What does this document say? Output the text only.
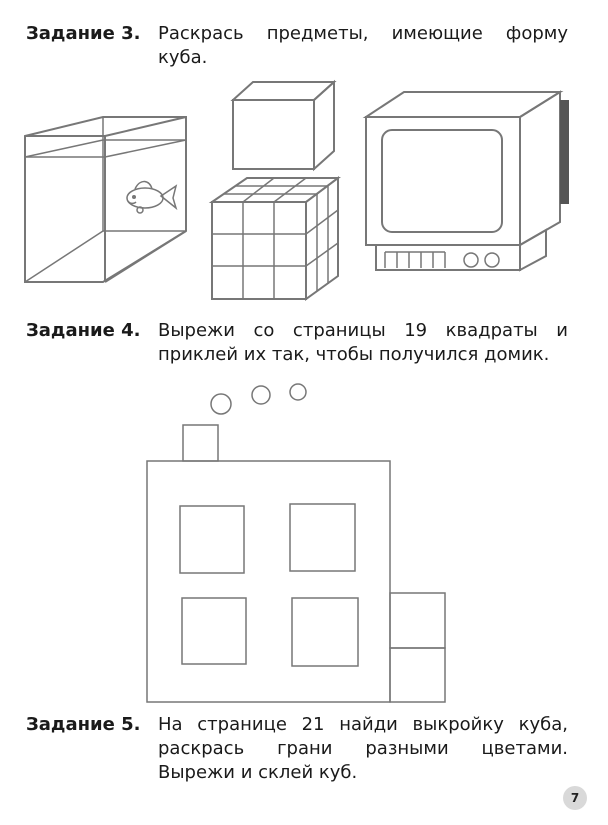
Задание 3. Раскрась предметы, имеющие форму куба.
Задание 4. Вырежи со страницы 19 квадраты и приклей их так, чтобы получился домик.
Задание 5. На странице 21 найди выкройку куба, раскрась грани разными цветами. Вырежи и склей куб.
7
